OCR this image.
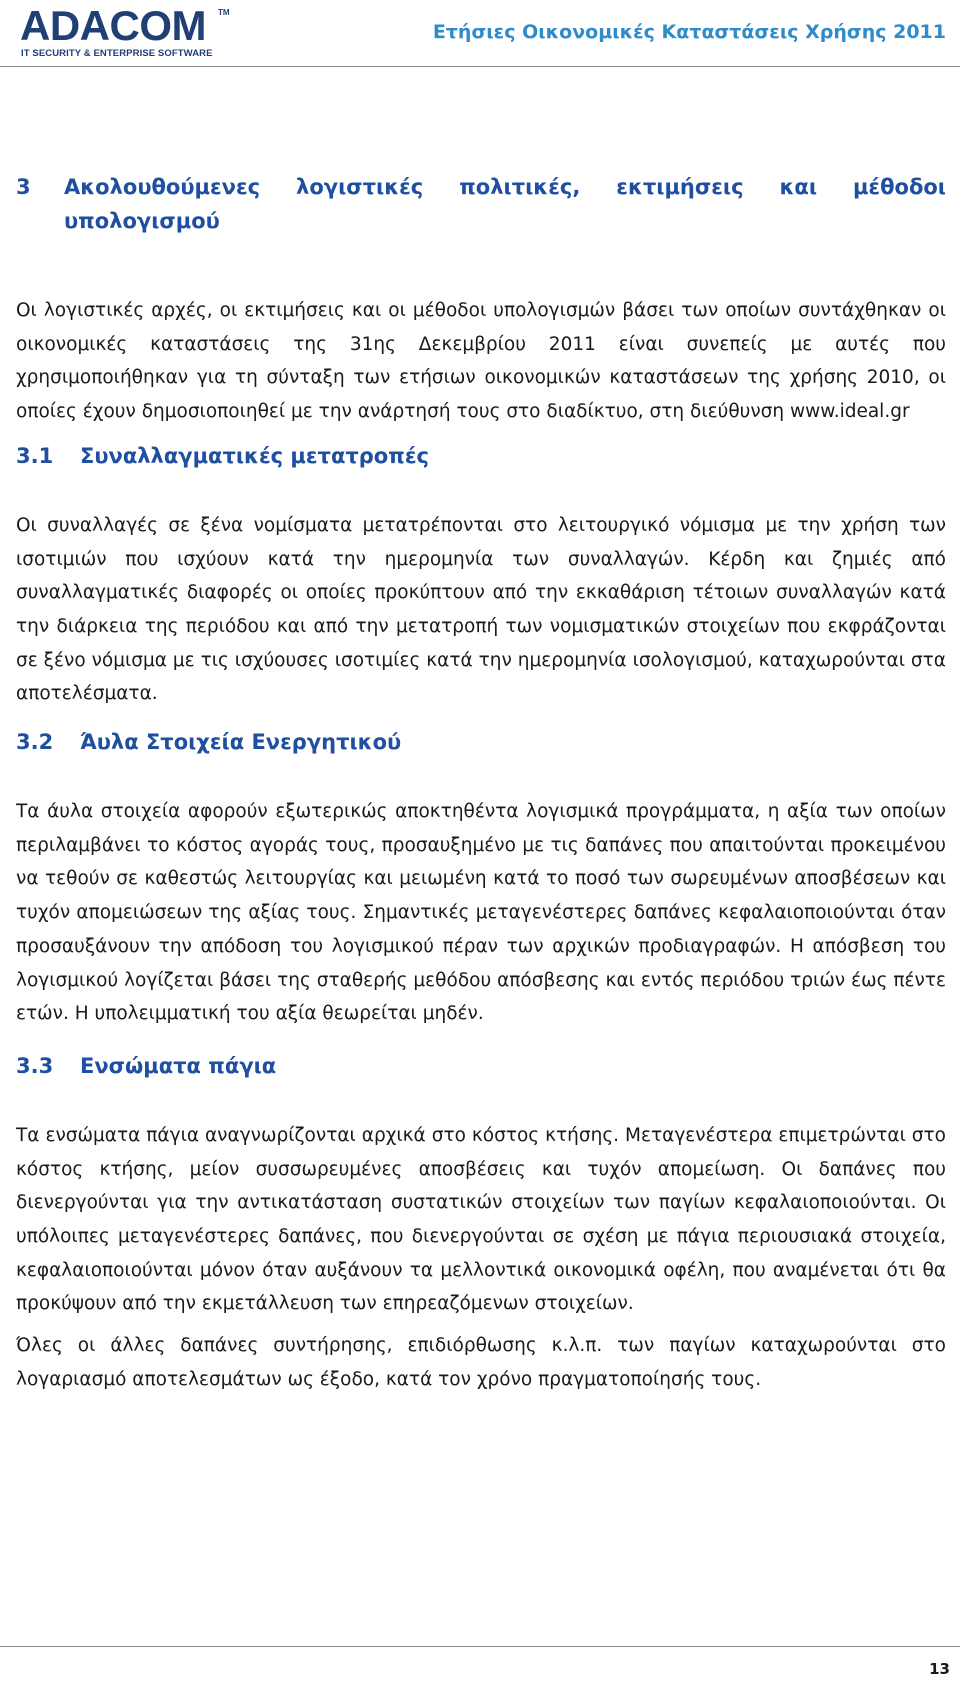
ADACOM TM
IT SECURITY & ENTERPRISE SOFTWARE
Ετήσιες Οικονομικές Καταστάσεις Χρήσης 2011
3	Ακολουθούμενες λογιστικές πολιτικές, εκτιμήσεις και μέθοδοι υπολογισμού

Οι λογιστικές αρχές, οι εκτιμήσεις και οι μέθοδοι υπολογισμών βάσει των οποίων συντάχθηκαν οι οικονομικές καταστάσεις της 31ης Δεκεμβρίου 2011 είναι συνεπείς με αυτές που χρησιμοποιήθηκαν για τη σύνταξη των ετήσιων οικονομικών καταστάσεων της χρήσης 2010, οι οποίες έχουν δημοσιοποιηθεί με την ανάρτησή τους στο διαδίκτυο, στη διεύθυνση www.ideal.gr

3.1	Συναλλαγματικές μετατροπές

Οι συναλλαγές σε ξένα νομίσματα μετατρέπονται στο λειτουργικό νόμισμα με την χρήση των ισοτιμιών που ισχύουν κατά την ημερομηνία των συναλλαγών. Κέρδη και ζημιές από συναλλαγματικές διαφορές οι οποίες προκύπτουν από την εκκαθάριση τέτοιων συναλλαγών κατά την διάρκεια της περιόδου και από την μετατροπή των νομισματικών στοιχείων που εκφράζονται σε ξένο νόμισμα με τις ισχύουσες ισοτιμίες κατά την ημερομηνία ισολογισμού, καταχωρούνται στα αποτελέσματα.

3.2	Άυλα Στοιχεία Ενεργητικού

Τα άυλα στοιχεία αφορούν εξωτερικώς αποκτηθέντα λογισμικά προγράμματα, η αξία των οποίων περιλαμβάνει το κόστος αγοράς τους, προσαυξημένο με τις δαπάνες που απαιτούνται προκειμένου να τεθούν σε καθεστώς λειτουργίας και μειωμένη κατά το ποσό των σωρευμένων αποσβέσεων και τυχόν απομειώσεων της αξίας τους. Σημαντικές μεταγενέστερες δαπάνες κεφαλαιοποιούνται όταν προσαυξάνουν την απόδοση του λογισμικού πέραν των αρχικών προδιαγραφών. Η απόσβεση του λογισμικού λογίζεται βάσει της σταθερής μεθόδου απόσβεσης και εντός περιόδου τριών έως πέντε ετών. Η υπολειμματική του αξία θεωρείται μηδέν.

3.3	Ενσώματα πάγια

Τα ενσώματα πάγια αναγνωρίζονται αρχικά στο κόστος κτήσης. Μεταγενέστερα επιμετρώνται στο κόστος κτήσης, μείον συσσωρευμένες αποσβέσεις και τυχόν απομείωση. Οι δαπάνες που διενεργούνται για την αντικατάσταση συστατικών στοιχείων των παγίων κεφαλαιοποιούνται. Οι υπόλοιπες μεταγενέστερες δαπάνες, που διενεργούνται σε σχέση με πάγια περιουσιακά στοιχεία, κεφαλαιοποιούνται μόνον όταν αυξάνουν τα μελλοντικά οικονομικά οφέλη, που αναμένεται ότι θα προκύψουν από την εκμετάλλευση των επηρεαζόμενων στοιχείων.

Όλες οι άλλες δαπάνες συντήρησης, επιδιόρθωσης κ.λ.π. των παγίων καταχωρούνται στο λογαριασμό αποτελεσμάτων ως έξοδο, κατά τον χρόνο πραγματοποίησής τους.

13
